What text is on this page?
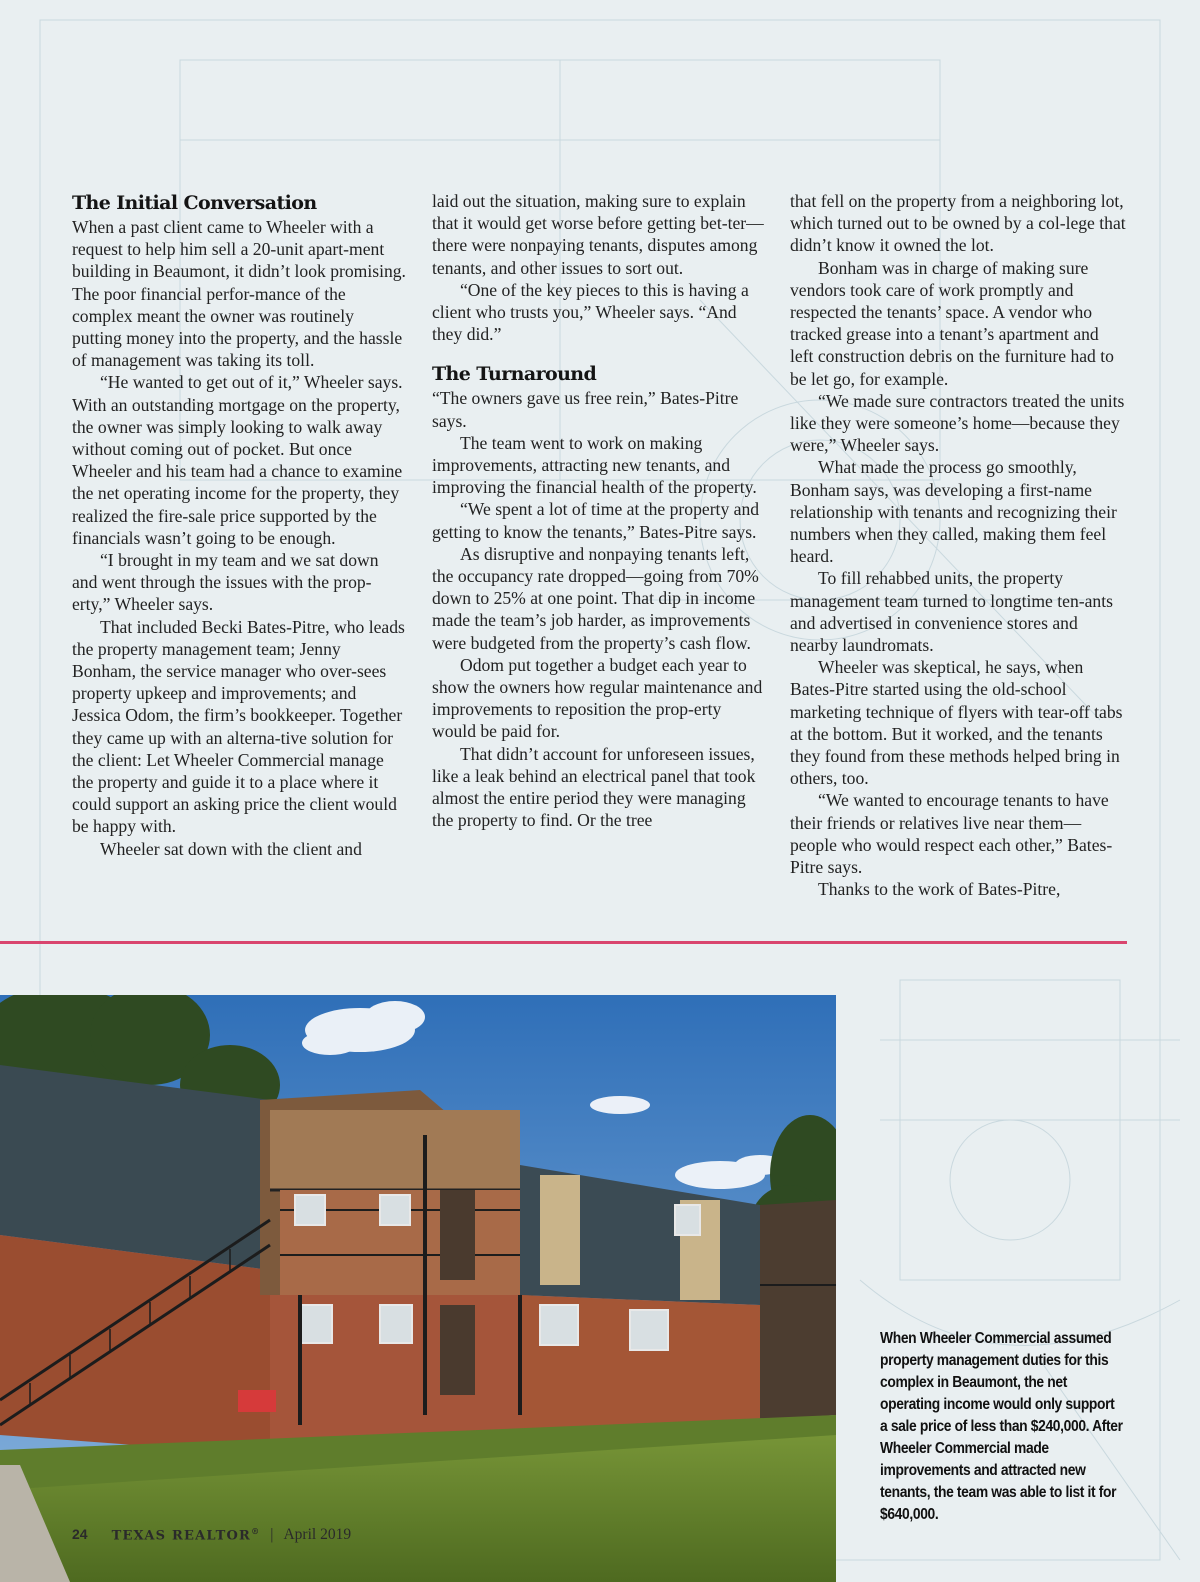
The Initial Conversation

When a past client came to Wheeler with a request to help him sell a 20-unit apart-ment building in Beaumont, it didn’t look promising. The poor financial perfor-mance of the complex meant the owner was routinely putting money into the property, and the hassle of management was taking its toll.

“He wanted to get out of it,” Wheeler says. With an outstanding mortgage on the property, the owner was simply looking to walk away without coming out of pocket. But once Wheeler and his team had a chance to examine the net operating income for the property, they realized the fire-sale price supported by the financials wasn’t going to be enough.

“I brought in my team and we sat down and went through the issues with the prop-erty,” Wheeler says.

That included Becki Bates-Pitre, who leads the property management team; Jenny Bonham, the service manager who over-sees property upkeep and improvements; and Jessica Odom, the firm’s bookkeeper. Together they came up with an alterna-tive solution for the client: Let Wheeler Commercial manage the property and guide it to a place where it could support an asking price the client would be happy with.

Wheeler sat down with the client and

laid out the situation, making sure to explain that it would get worse before getting bet-ter—there were nonpaying tenants, disputes among tenants, and other issues to sort out.

“One of the key pieces to this is having a client who trusts you,” Wheeler says. “And they did.”

The Turnaround

“The owners gave us free rein,” Bates-Pitre says.

The team went to work on making improvements, attracting new tenants, and improving the financial health of the property.

“We spent a lot of time at the property and getting to know the tenants,” Bates-Pitre says.

As disruptive and nonpaying tenants left, the occupancy rate dropped—going from 70% down to 25% at one point. That dip in income made the team’s job harder, as improvements were budgeted from the property’s cash flow.

Odom put together a budget each year to show the owners how regular maintenance and improvements to reposition the prop-erty would be paid for.

That didn’t account for unforeseen issues, like a leak behind an electrical panel that took almost the entire period they were managing the property to find. Or the tree

that fell on the property from a neighboring lot, which turned out to be owned by a col-lege that didn’t know it owned the lot.

Bonham was in charge of making sure vendors took care of work promptly and respected the tenants’ space. A vendor who tracked grease into a tenant’s apartment and left construction debris on the furniture had to be let go, for example.

“We made sure contractors treated the units like they were someone’s home—because they were,” Wheeler says.

What made the process go smoothly, Bonham says, was developing a first-name relationship with tenants and recognizing their numbers when they called, making them feel heard.

To fill rehabbed units, the property management team turned to longtime ten-ants and advertised in convenience stores and nearby laundromats.

Wheeler was skeptical, he says, when Bates-Pitre started using the old-school marketing technique of flyers with tear-off tabs at the bottom. But it worked, and the tenants they found from these methods helped bring in others, too.

“We wanted to encourage tenants to have their friends or relatives live near them—people who would respect each other,” Bates-Pitre says.

Thanks to the work of Bates-Pitre,

When Wheeler Commercial assumed property management duties for this complex in Beaumont, the net operating income would only support a sale price of less than $240,000. After Wheeler Commercial made improvements and attracted new tenants, the team was able to list it for $640,000.
24 TEXAS REALTOR® | April 2019
